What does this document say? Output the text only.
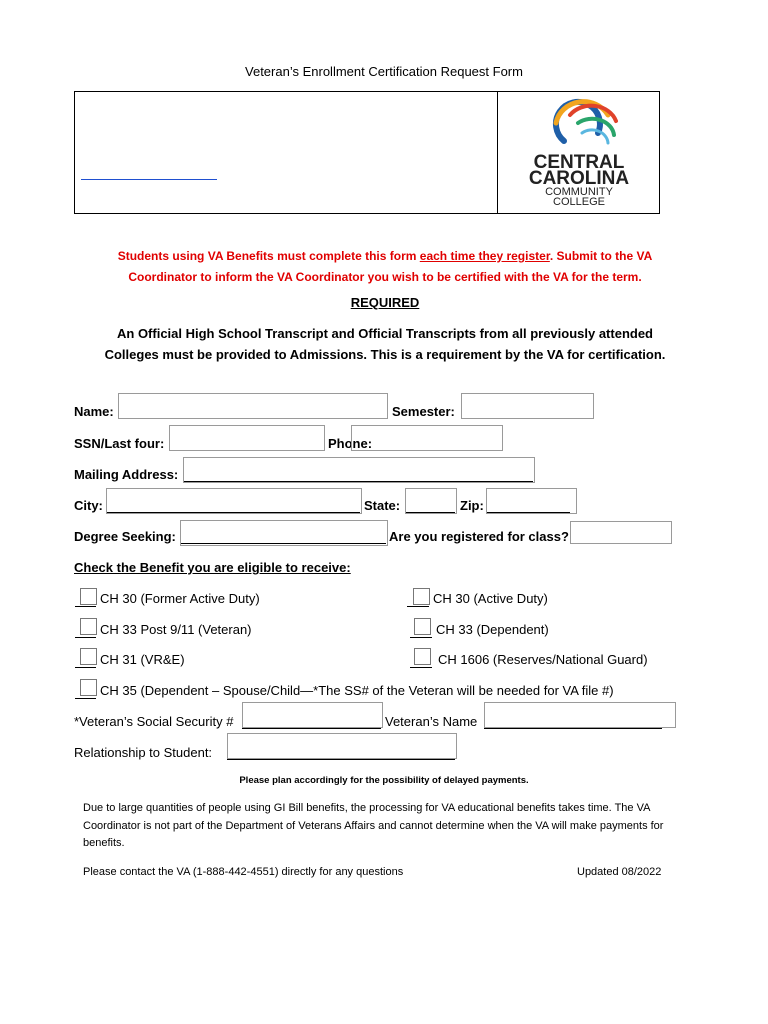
Veteran’s Enrollment Certification Request Form
CENTRAL
CAROLINA
COMMUNITY
COLLEGE
Students using VA Benefits must complete this form each time they register. Submit to the VA Coordinator to inform the VA Coordinator you wish to be certified with the VA for the term.
REQUIRED
An Official High School Transcript and Official Transcripts from all previously attended Colleges must be provided to Admissions. This is a requirement by the VA for certification.
Name:	Semester:
SSN/Last four:	Phone:
Mailing Address:
City:	State:	Zip:
Degree Seeking:	Are you registered for class?
Check the Benefit you are eligible to receive:
CH 30 (Former Active Duty)	CH 30 (Active Duty)
CH 33 Post 9/11 (Veteran)	CH 33 (Dependent)
CH 31 (VR&E)	CH 1606 (Reserves/National Guard)
CH 35 (Dependent – Spouse/Child—*The SS# of the Veteran will be needed for VA file #)
*Veteran’s Social Security #	Veteran’s Name
Relationship to Student:
Please plan accordingly for the possibility of delayed payments.
Due to large quantities of people using GI Bill benefits, the processing for VA educational benefits takes time. The VA Coordinator is not part of the Department of Veterans Affairs and cannot determine when the VA will make payments for benefits.
Please contact the VA (1-888-442-4551) directly for any questions	Updated 08/2022
